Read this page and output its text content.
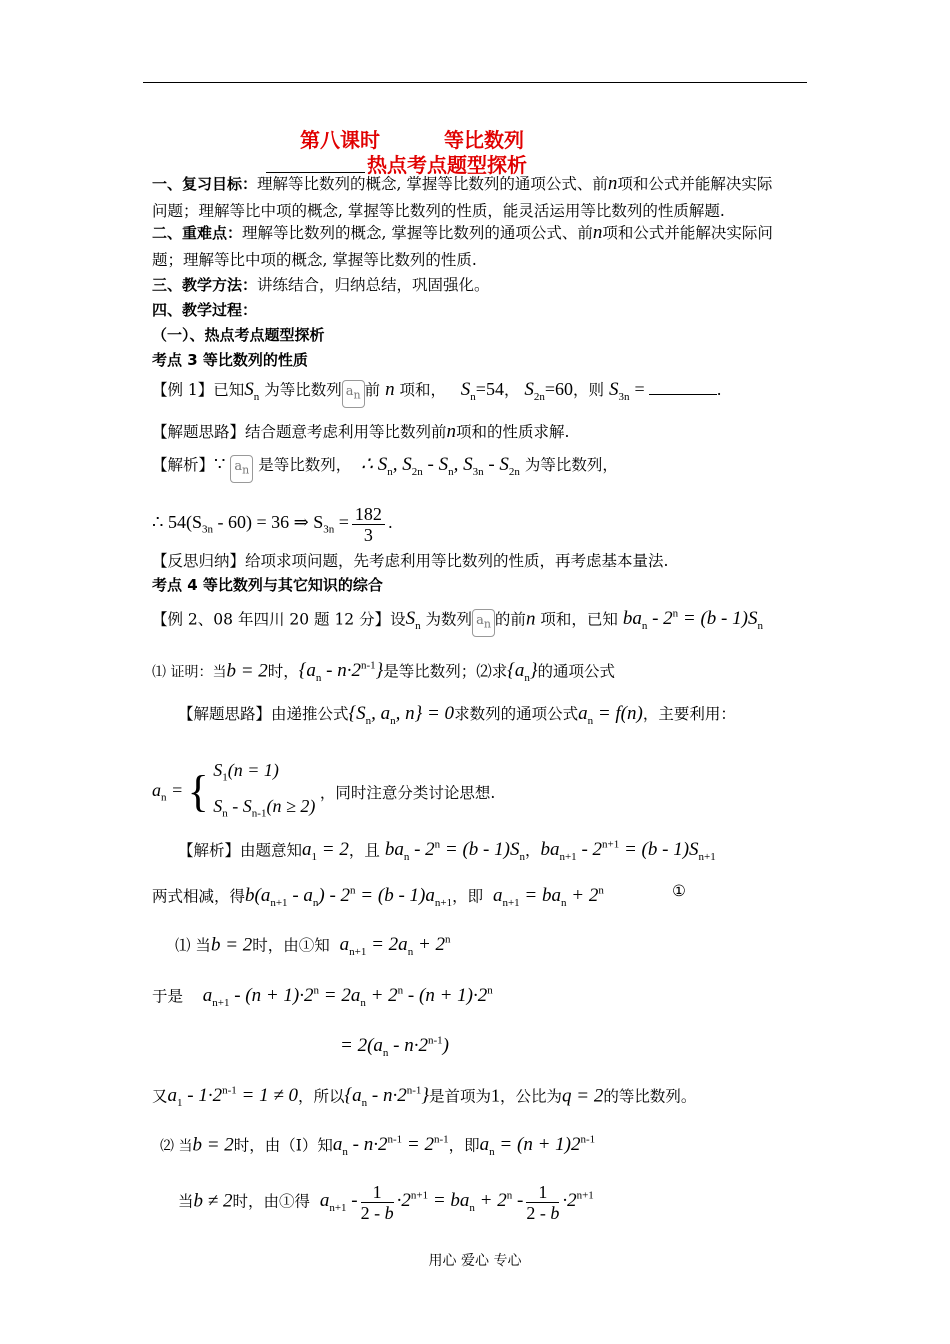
第八课时	等比数列
热点考点题型探析
一、复习目标：理解等比数列的概念, 掌握等比数列的通项公式、前n项和公式并能解决实际
问题；理解等比中项的概念, 掌握等比数列的性质，能灵活运用等比数列的性质解题.
二、重难点：理解等比数列的概念, 掌握等比数列的通项公式、前n项和公式并能解决实际问
题；理解等比中项的概念, 掌握等比数列的性质.
三、教学方法：讲练结合，归纳总结，巩固强化。
四、教学过程：
（一）、热点考点题型探析
考点 3 等比数列的性质
【例 1】已知$S_n$ 为等比数列 $a_n$ 前 n 项和， $S_n=54$， $S_{2n}=60$，则 $S_{3n}$ =	.
【解题思路】结合题意考虑利用等比数列前n项和的性质求解.
【解析】∵ $a_n$ 是等比数列，  ∴ $S_n$, $S_{2n} - S_n$, $S_{3n} - S_{2n}$ 为等比数列，
∴ $54(S_{3n} - 60) = 36$ ⇒ $S_{3n} = \frac{182}{3}$ .
【反思归纳】给项求项问题，先考虑利用等比数列的性质，再考虑基本量法.
考点 4 等比数列与其它知识的综合
【例 2、08 年四川 20 题 12 分】设$S_n$ 为数列 $a_n$ 的前n 项和，已知 $ba_n - 2^n = (b - 1)S_n$
⑴ 证明：当b = 2时，$\{a_n - n\cdot 2^{n-1}\}$是等比数列；⑵求$\{a_n\}$的通项公式
【解题思路】由递推公式{$S_n$, $a_n$, n} = 0求数列的通项公式$a_n = f(n)$，主要利用：
$a_n$ = { $S_1(n = 1)$
$S_n - S_{n-1}(n \ge 2)$ ，同时注意分类讨论思想.
【解析】由题意知$a_1 = 2$，且 $ba_n - 2^n = (b - 1)S_n$，$ba_{n+1} - 2^{n+1} = (b - 1)S_{n+1}$
两式相减，得$b(a_{n+1} - a_n) - 2^n = (b - 1)a_{n+1}$，即 $a_{n+1} = ba_n + 2^n$	①
⑴ 当b = 2时，由①知 $a_{n+1} = 2a_n + 2^n$
于是 $a_{n+1} - (n + 1)\cdot 2^n = 2a_n + 2^n - (n + 1)\cdot 2^n$
= $2(a_n - n\cdot 2^{n-1})$
又$a_1 - 1\cdot 2^{n-1} = 1 \ne 0$，所以$\{a_n - n\cdot 2^{n-1}\}$是首项为1，公比为q = 2的等比数列。
⑵ 当b = 2时，由（Ⅰ）知$a_n - n\cdot 2^{n-1} = 2^{n-1}$，即$a_n = (n + 1)2^{n-1}$
当b ≠ 2时，由①得 $a_{n+1} - \frac{1}{2 - b} \cdot 2^{n+1} = ba_n + 2^n - \frac{1}{2 - b} \cdot 2^{n+1}$
用心 爱心 专心
